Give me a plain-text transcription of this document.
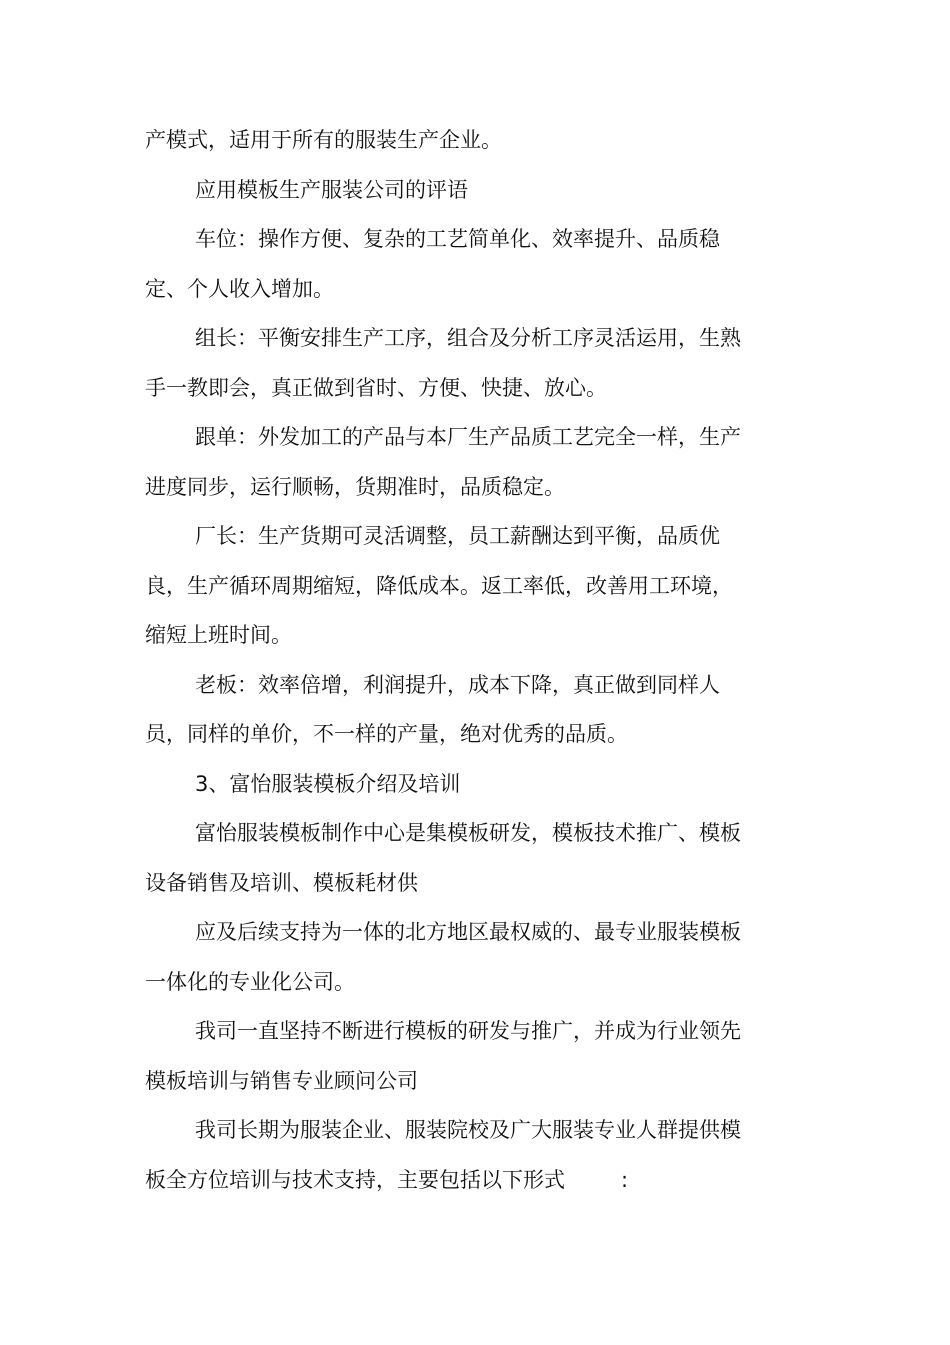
产模式，适用于所有的服装生产企业。

应用模板生产服装公司的评语

车位：操作方便、复杂的工艺简单化、效率提升、品质稳定、个人收入增加。

组长：平衡安排生产工序，组合及分析工序灵活运用，生熟手一教即会，真正做到省时、方便、快捷、放心。

跟单：外发加工的产品与本厂生产品质工艺完全一样，生产进度同步，运行顺畅，货期准时，品质稳定。

厂长：生产货期可灵活调整，员工薪酬达到平衡，品质优良，生产循环周期缩短，降低成本。返工率低，改善用工环境，缩短上班时间。

老板：效率倍增，利润提升，成本下降，真正做到同样人员，同样的单价，不一样的产量，绝对优秀的品质。

3、富怡服装模板介绍及培训

富怡服装模板制作中心是集模板研发，模板技术推广、模板设备销售及培训、模板耗材供

应及后续支持为一体的北方地区最权威的、最专业服装模板一体化的专业化公司。

我司一直坚持不断进行模板的研发与推广，并成为行业领先模板培训与销售专业顾问公司

我司长期为服装企业、服装院校及广大服装专业人群提供模板全方位培训与技术支持，主要包括以下形式	:
